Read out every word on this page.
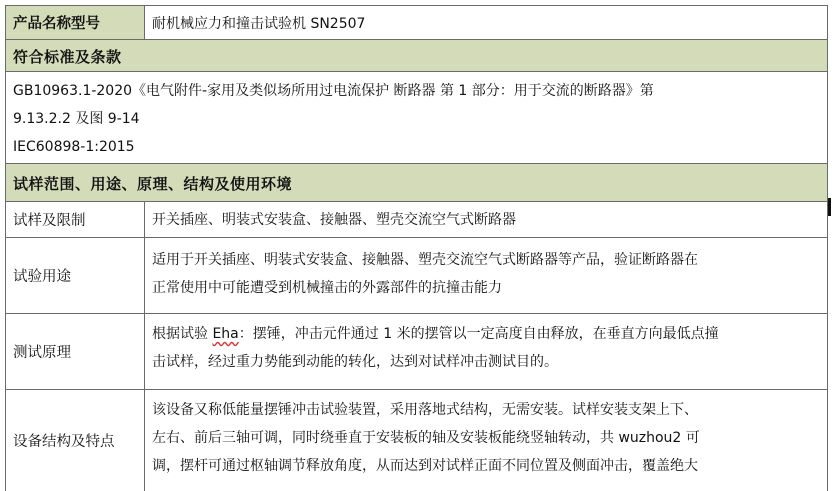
产品名称型号	耐机械应力和撞击试验机 SN2507
符合标准及条款
GB10963.1-2020《电气附件-家用及类似场所用过电流保护 断路器 第 1 部分：用于交流的断路器》第
9.13.2.2 及图 9-14
IEC60898-1:2015
试样范围、用途、原理、结构及使用环境
试样及限制	开关插座、明装式安装盒、接触器、塑壳交流空气式断路器
试验用途
适用于开关插座、明装式安装盒、接触器、塑壳交流空气式断路器等产品，验证断路器在
正常使用中可能遭受到机械撞击的外露部件的抗撞击能力
测试原理
根据试验 Eha：摆锤，冲击元件通过 1 米的摆管以一定高度自由释放，在垂直方向最低点撞
击试样，经过重力势能到动能的转化，达到对试样冲击测试目的。
设备结构及特点
该设备又称低能量摆锤冲击试验装置，采用落地式结构，无需安装。试样安装支架上下、
左右、前后三轴可调，同时绕垂直于安装板的轴及安装板能绕竖轴转动，共 wuzhou2 可
调，摆杆可通过枢轴调节释放角度，从而达到对试样正面不同位置及侧面冲击，覆盖绝大
